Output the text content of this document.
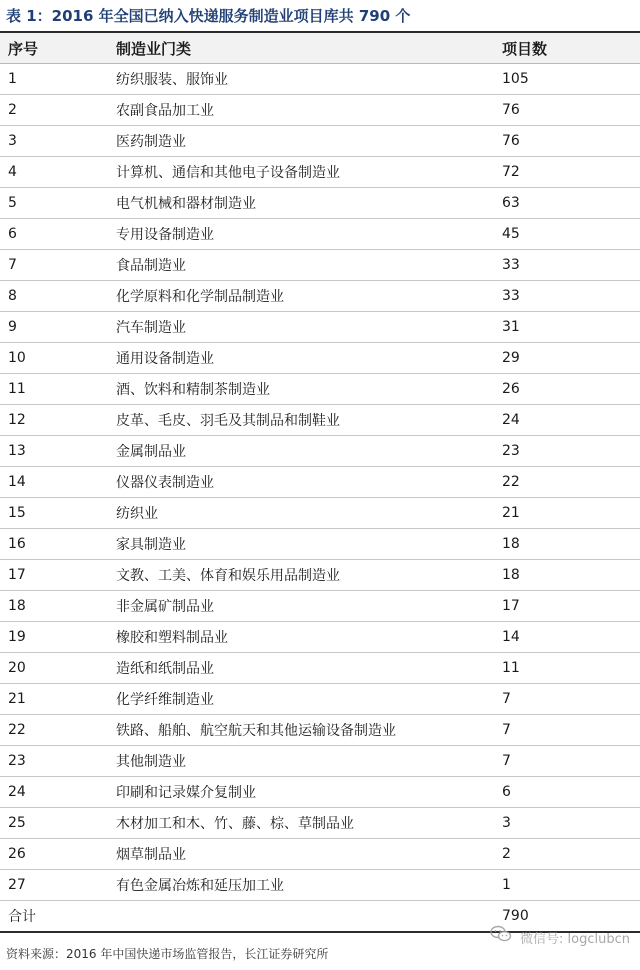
表 1：2016 年全国已纳入快递服务制造业项目库共 790 个
序号	制造业门类	项目数
1	纺织服装、服饰业	105
2	农副食品加工业	76
3	医药制造业	76
4	计算机、通信和其他电子设备制造业	72
5	电气机械和器材制造业	63
6	专用设备制造业	45
7	食品制造业	33
8	化学原料和化学制品制造业	33
9	汽车制造业	31
10	通用设备制造业	29
11	酒、饮料和精制茶制造业	26
12	皮革、毛皮、羽毛及其制品和制鞋业	24
13	金属制品业	23
14	仪器仪表制造业	22
15	纺织业	21
16	家具制造业	18
17	文教、工美、体育和娱乐用品制造业	18
18	非金属矿制品业	17
19	橡胶和塑料制品业	14
20	造纸和纸制品业	11
21	化学纤维制造业	7
22	铁路、船舶、航空航天和其他运输设备制造业	7
23	其他制造业	7
24	印刷和记录媒介复制业	6
25	木材加工和木、竹、藤、棕、草制品业	3
26	烟草制品业	2
27	有色金属冶炼和延压加工业	1
合计		790
资料来源：2016 年中国快递市场监管报告，长江证券研究所
微信号: logclubcn
